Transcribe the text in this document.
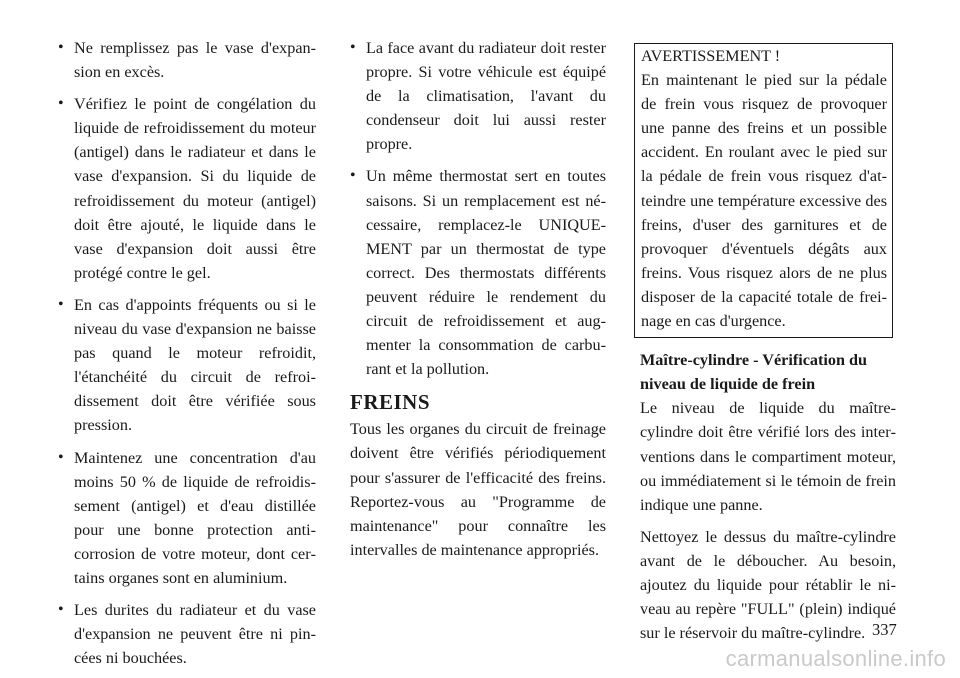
• Ne remplissez pas le vase d'expansion en excès.
• Vérifiez le point de congélation du liquide de refroidissement du moteur (antigel) dans le radiateur et dans le vase d'expansion. Si du liquide de refroidissement du moteur (antigel) doit être ajouté, le liquide dans le vase d'expansion doit aussi être protégé contre le gel.
• En cas d'appoints fréquents ou si le niveau du vase d'expansion ne baisse pas quand le moteur refroidit, l'étanchéité du circuit de refroidissement doit être vérifiée sous pression.
• Maintenez une concentration d'au moins 50 % de liquide de refroidissement (antigel) et d'eau distillée pour une bonne protection anticorrosion de votre moteur, dont certains organes sont en aluminium.
• Les durites du radiateur et du vase d'expansion ne peuvent être ni pincées ni bouchées.
• La face avant du radiateur doit rester propre. Si votre véhicule est équipé de la climatisation, l'avant du condenseur doit lui aussi rester propre.
• Un même thermostat sert en toutes saisons. Si un remplacement est nécessaire, remplacez-le UNIQUEMENT par un thermostat de type correct. Des thermostats différents peuvent réduire le rendement du circuit de refroidissement et augmenter la consommation de carburant et la pollution.
FREINS

Tous les organes du circuit de freinage doivent être vérifiés périodiquement pour s'assurer de l'efficacité des freins. Reportez-vous au "Programme de maintenance" pour connaître les intervalles de maintenance appropriés.

AVERTISSEMENT !
En maintenant le pied sur la pédale de frein vous risquez de provoquer une panne des freins et un possible accident. En roulant avec le pied sur la pédale de frein vous risquez d'atteindre une température excessive des freins, d'user des garnitures et de provoquer d'éventuels dégâts aux freins. Vous risquez alors de ne plus disposer de la capacité totale de freinage en cas d'urgence.
Maître-cylindre - Vérification du niveau de liquide de frein

Le niveau de liquide du maître-cylindre doit être vérifié lors des interventions dans le compartiment moteur, ou immédiatement si le témoin de frein indique une panne.

Nettoyez le dessus du maître-cylindre avant de le déboucher. Au besoin, ajoutez du liquide pour rétablir le niveau au repère "FULL" (plein) indiqué sur le réservoir du maître-cylindre. 337
carmanualsonline.info
